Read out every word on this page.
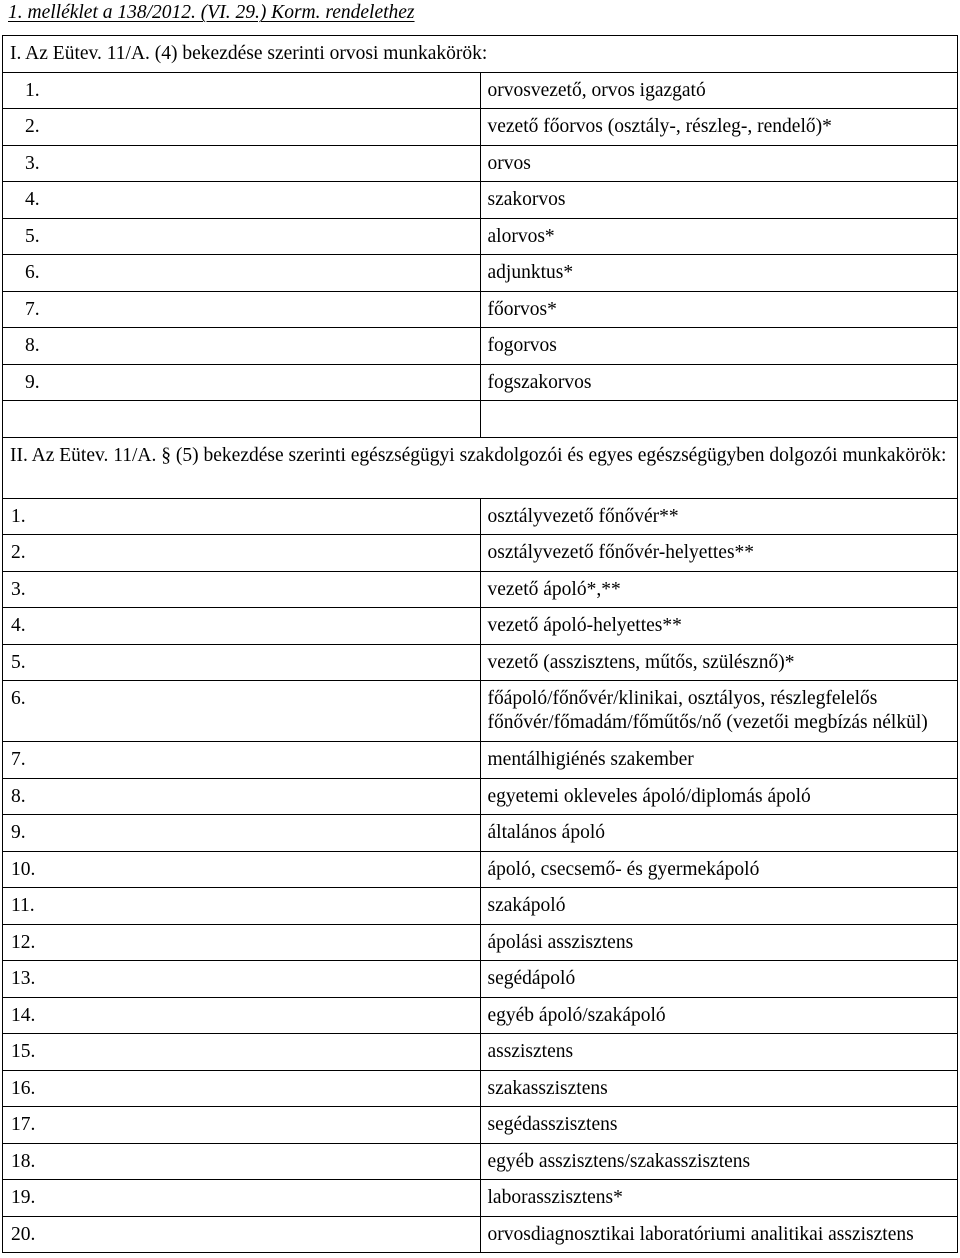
1. melléklet a 138/2012. (VI. 29.) Korm. rendelethez
I. Az Eütev. 11/A. (4) bekezdése szerinti orvosi munkakörök:	
1.	orvosvezető, orvos igazgató
2.	vezető főorvos (osztály-, részleg-, rendelő)*
3.	orvos
4.	szakorvos
5.	alorvos*
6.	adjunktus*
7.	főorvos*
8.	fogorvos
9.	fogszakorvos

II. Az Eütev. 11/A. § (5) bekezdése szerinti egészségügyi szakdolgozói és egyes egészségügyben dolgozói munkakörök:	
1.	osztályvezető főnővér**
2.	osztályvezető főnővér-helyettes**
3.	vezető ápoló*,**
4.	vezető ápoló-helyettes**
5.	vezető (asszisztens, műtős, szülésznő)*
6.	főápoló/főnővér/klinikai, osztályos, részlegfelelős főnővér/főmadám/főműtős/nő (vezetői megbízás nélkül)
7.	mentálhigiénés szakember
8.	egyetemi okleveles ápoló/diplomás ápoló
9.	általános ápoló
10.	ápoló, csecsemő- és gyermekápoló
11.	szakápoló
12.	ápolási asszisztens
13.	segédápoló
14.	egyéb ápoló/szakápoló
15.	asszisztens
16.	szakasszisztens
17.	segédasszisztens
18.	egyéb asszisztens/szakasszisztens
19.	laborasszisztens*
20.	orvosdiagnosztikai laboratóriumi analitikai asszisztens
